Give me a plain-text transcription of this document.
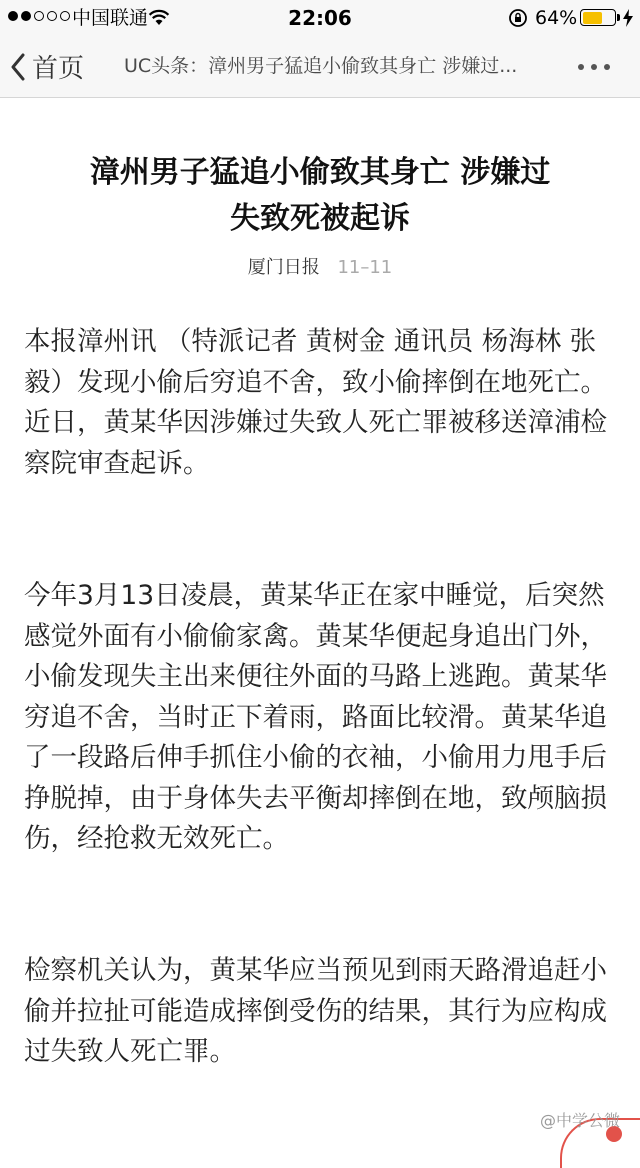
中国联通	22:06	64%
首页 UC头条：漳州男子猛追小偷致其身亡 涉嫌过...
漳州男子猛追小偷致其身亡 涉嫌过
失致死被起诉
厦门日报 11–11

本报漳州讯 （特派记者 黄树金 通讯员 杨海林 张毅）发现小偷后穷追不舍，致小偷摔倒在地死亡。近日，黄某华因涉嫌过失致人死亡罪被移送漳浦检察院审查起诉。

今年3月13日凌晨，黄某华正在家中睡觉，后突然感觉外面有小偷偷家禽。黄某华便起身追出门外，小偷发现失主出来便往外面的马路上逃跑。黄某华穷追不舍，当时正下着雨，路面比较滑。黄某华追了一段路后伸手抓住小偷的衣袖，小偷用力甩手后挣脱掉，由于身体失去平衡却摔倒在地，致颅脑损伤，经抢救无效死亡。

检察机关认为，黄某华应当预见到雨天路滑追赶小偷并拉扯可能造成摔倒受伤的结果，其行为应构成过失致人死亡罪。

@中学公微
